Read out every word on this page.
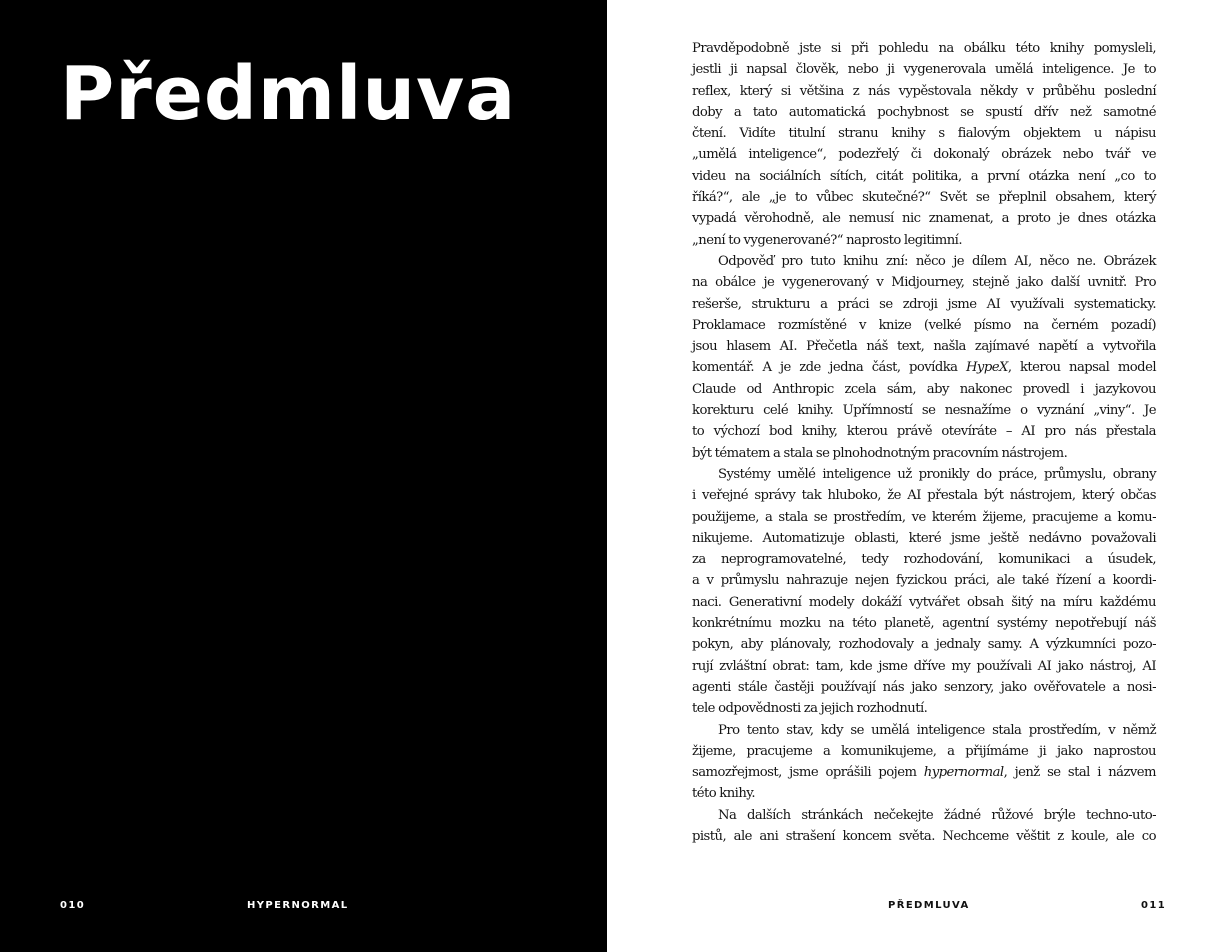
Předmluva
010	HYPERNORMAL
Pravděpodobně jste si při pohledu na obálku této knihy pomysleli,
jestli ji napsal člověk, nebo ji vygenerovala umělá inteligence. Je to
reflex, který si většina z nás vypěstovala někdy v průběhu poslední
doby a tato automatická pochybnost se spustí dřív než samotné
čtení. Vidíte titulní stranu knihy s fialovým objektem u nápisu
„umělá inteligence“, podezřelý či dokonalý obrázek nebo tvář ve
videu na sociálních sítích, citát politika, a první otázka není „co to
říká?“, ale „je to vůbec skutečné?“ Svět se přeplnil obsahem, který
vypadá věrohodně, ale nemusí nic znamenat, a proto je dnes otázka
„není to vygenerované?“ naprosto legitimní.
Odpověď pro tuto knihu zní: něco je dílem AI, něco ne. Obrázek
na obálce je vygenerovaný v Midjourney, stejně jako další uvnitř. Pro
rešerše, strukturu a práci se zdroji jsme AI využívali systematicky.
Proklamace rozmístěné v knize (velké písmo na černém pozadí)
jsou hlasem AI. Přečetla náš text, našla zajímavé napětí a vytvořila
komentář. A je zde jedna část, povídka HypeX, kterou napsal model
Claude od Anthropic zcela sám, aby nakonec provedl i jazykovou
korekturu celé knihy. Upřímností se nesnažíme o vyznání „viny“. Je
to výchozí bod knihy, kterou právě otevíráte – AI pro nás přestala
být tématem a stala se plnohodnotným pracovním nástrojem.
Systémy umělé inteligence už pronikly do práce, průmyslu, obrany
i veřejné správy tak hluboko, že AI přestala být nástrojem, který občas
použijeme, a stala se prostředím, ve kterém žijeme, pracujeme a komu-
nikujeme. Automatizuje oblasti, které jsme ještě nedávno považovali
za neprogramovatelné, tedy rozhodování, komunikaci a úsudek,
a v průmyslu nahrazuje nejen fyzickou práci, ale také řízení a koordi-
naci. Generativní modely dokáží vytvářet obsah šitý na míru každému
konkrétnímu mozku na této planetě, agentní systémy nepotřebují náš
pokyn, aby plánovaly, rozhodovaly a jednaly samy. A výzkumníci pozo-
rují zvláštní obrat: tam, kde jsme dříve my používali AI jako nástroj, AI
agenti stále častěji používají nás jako senzory, jako ověřovatele a nosi-
tele odpovědnosti za jejich rozhodnutí.
Pro tento stav, kdy se umělá inteligence stala prostředím, v němž
žijeme, pracujeme a komunikujeme, a přijímáme ji jako naprostou
samozřejmost, jsme oprášili pojem hypernormal, jenž se stal i názvem
této knihy.
Na dalších stránkách nečekejte žádné růžové brýle techno-uto-
pistů, ale ani strašení koncem světa. Nechceme věštit z koule, ale co
PŘEDMLUVA	011
